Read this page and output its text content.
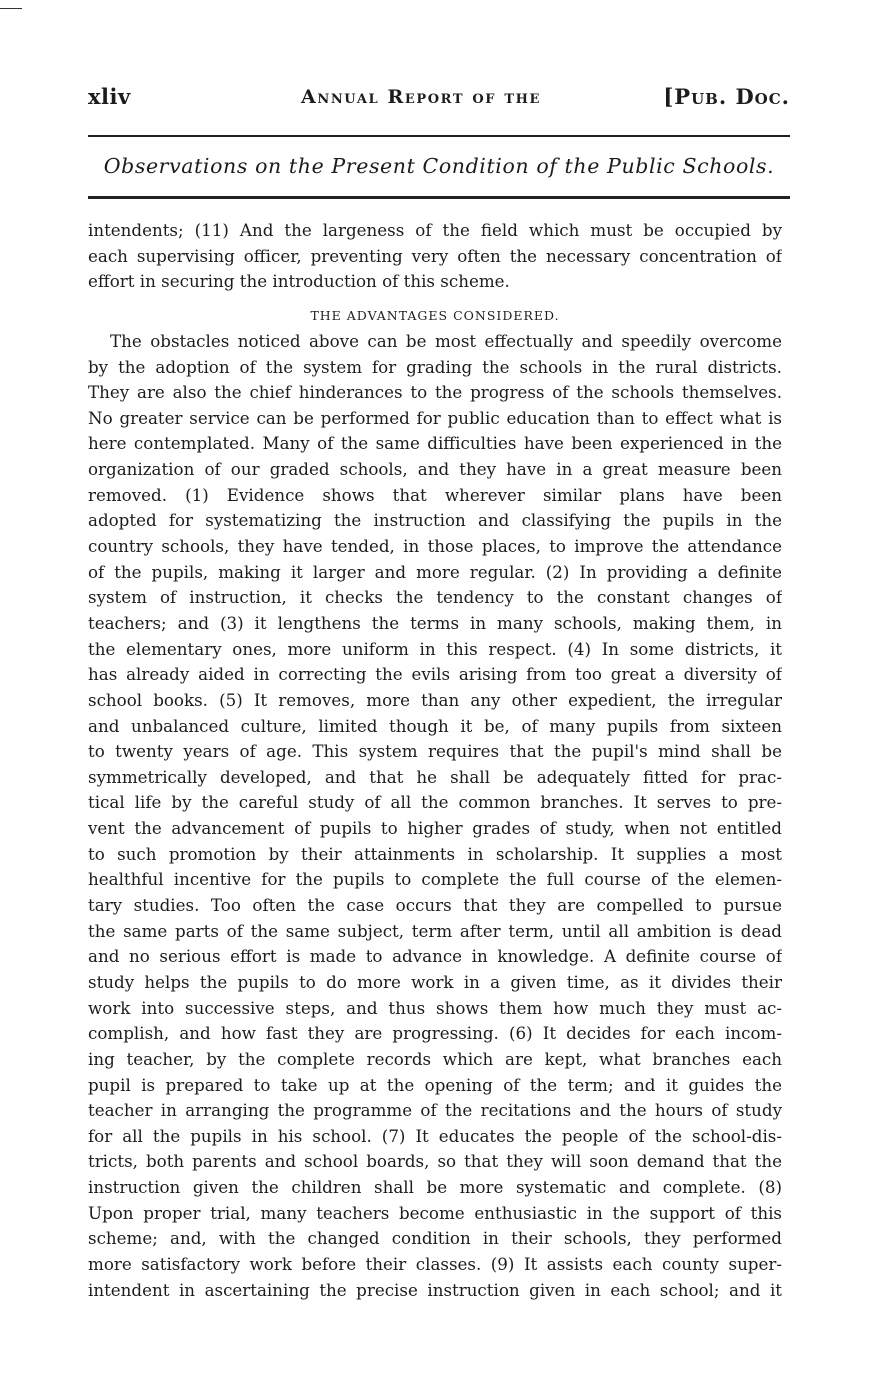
xliv	Annual Report of the	[Pub. Doc.
Observations on the Present Condition of the Public Schools.
intendents; (11) And the largeness of the field which must be occupied by
each supervising officer, preventing very often the necessary concentration of
effort in securing the introduction of this scheme.
THE ADVANTAGES CONSIDERED.
The obstacles noticed above can be most effectually and speedily overcome
by the adoption of the system for grading the schools in the rural districts.
They are also the chief hinderances to the progress of the schools themselves.
No greater service can be performed for public education than to effect what is
here contemplated. Many of the same difficulties have been experienced in the
organization of our graded schools, and they have in a great measure been
removed. (1) Evidence shows that wherever similar plans have been
adopted for systematizing the instruction and classifying the pupils in the
country schools, they have tended, in those places, to improve the attendance
of the pupils, making it larger and more regular. (2) In providing a definite
system of instruction, it checks the tendency to the constant changes of
teachers; and (3) it lengthens the terms in many schools, making them, in
the elementary ones, more uniform in this respect. (4) In some districts, it
has already aided in correcting the evils arising from too great a diversity of
school books. (5) It removes, more than any other expedient, the irregular
and unbalanced culture, limited though it be, of many pupils from sixteen
to twenty years of age. This system requires that the pupil's mind shall be
symmetrically developed, and that he shall be adequately fitted for prac-
tical life by the careful study of all the common branches. It serves to pre-
vent the advancement of pupils to higher grades of study, when not entitled
to such promotion by their attainments in scholarship. It supplies a most
healthful incentive for the pupils to complete the full course of the elemen-
tary studies. Too often the case occurs that they are compelled to pursue
the same parts of the same subject, term after term, until all ambition is dead
and no serious effort is made to advance in knowledge. A definite course of
study helps the pupils to do more work in a given time, as it divides their
work into successive steps, and thus shows them how much they must ac-
complish, and how fast they are progressing. (6) It decides for each incom-
ing teacher, by the complete records which are kept, what branches each
pupil is prepared to take up at the opening of the term; and it guides the
teacher in arranging the programme of the recitations and the hours of study
for all the pupils in his school. (7) It educates the people of the school-dis-
tricts, both parents and school boards, so that they will soon demand that the
instruction given the children shall be more systematic and complete. (8)
Upon proper trial, many teachers become enthusiastic in the support of this
scheme; and, with the changed condition in their schools, they performed
more satisfactory work before their classes. (9) It assists each county super-
intendent in ascertaining the precise instruction given in each school; and it
